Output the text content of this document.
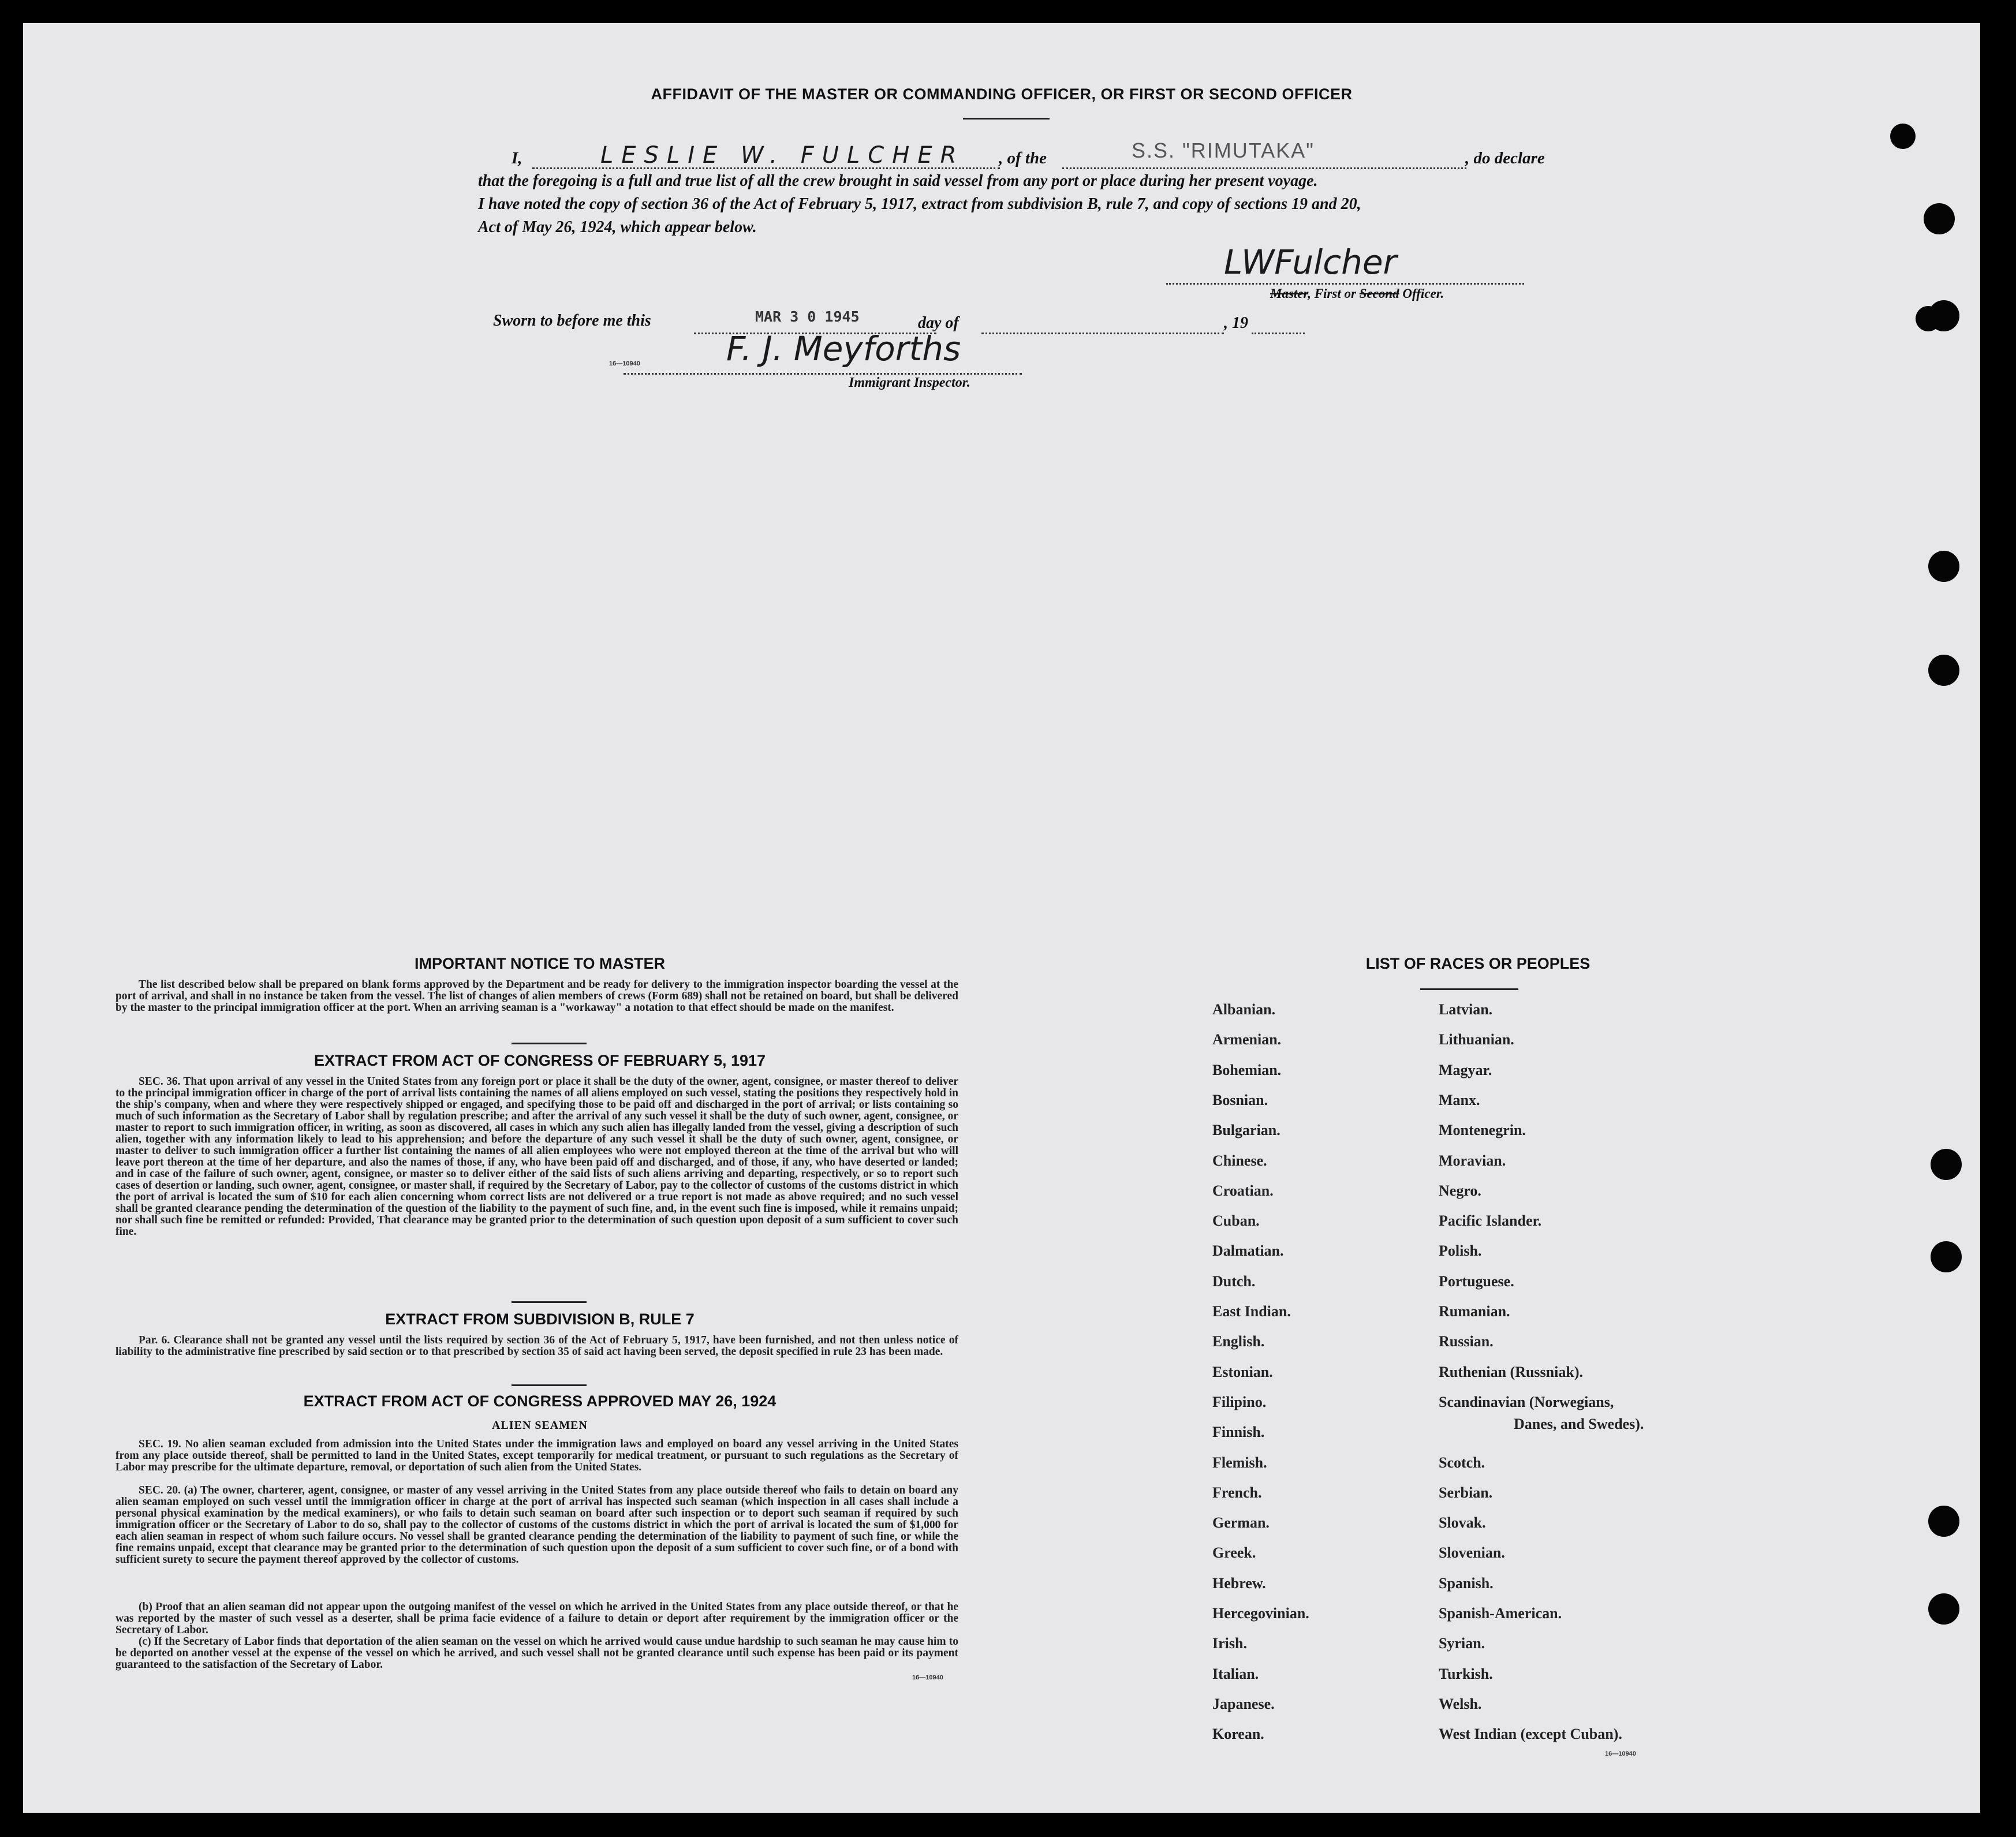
AFFIDAVIT OF THE MASTER OR COMMANDING OFFICER, OR FIRST OR SECOND OFFICER
I,	LESLIE W. FULCHER , of the	S.S. "RIMUTAKA"	, do declare
that the foregoing is a full and true list of all the crew brought in said vessel from any port or place during her present voyage.
I have noted the copy of section 36 of the Act of February 5, 1917, extract from subdivision B, rule 7, and copy of sections 19 and 20,
Act of May 26, 1924, which appear below.
LWFulcher
Master, First or Second Officer.
Sworn to before me this	MAR 3 0 1945	day of	, 19
16—10940	F. J. Meyforths
Immigrant Inspector.
IMPORTANT NOTICE TO MASTER
The list described below shall be prepared on blank forms approved by the Department and be ready for delivery to the immigration inspector boarding the vessel at the port of arrival, and shall in no instance be taken from the vessel. The list of changes of alien members of crews (Form 689) shall not be retained on board, but shall be delivered by the master to the principal immigration officer at the port. When an arriving seaman is a "workaway" a notation to that effect should be made on the manifest.
EXTRACT FROM ACT OF CONGRESS OF FEBRUARY 5, 1917
SEC. 36. That upon arrival of any vessel in the United States from any foreign port or place it shall be the duty of the owner, agent, consignee, or master thereof to deliver to the principal immigration officer in charge of the port of arrival lists containing the names of all aliens employed on such vessel, stating the positions they respectively hold in the ship's company, when and where they were respectively shipped or engaged, and specifying those to be paid off and discharged in the port of arrival; or lists containing so much of such information as the Secretary of Labor shall by regulation prescribe; and after the arrival of any such vessel it shall be the duty of such owner, agent, consignee, or master to report to such immigration officer, in writing, as soon as discovered, all cases in which any such alien has illegally landed from the vessel, giving a description of such alien, together with any information likely to lead to his apprehension; and before the departure of any such vessel it shall be the duty of such owner, agent, consignee, or master to deliver to such immigration officer a further list containing the names of all alien employees who were not employed thereon at the time of the arrival but who will leave port thereon at the time of her departure, and also the names of those, if any, who have been paid off and discharged, and of those, if any, who have deserted or landed; and in case of the failure of such owner, agent, consignee, or master so to deliver either of the said lists of such aliens arriving and departing, respectively, or so to report such cases of desertion or landing, such owner, agent, consignee, or master shall, if required by the Secretary of Labor, pay to the collector of customs of the customs district in which the port of arrival is located the sum of $10 for each alien concerning whom correct lists are not delivered or a true report is not made as above required; and no such vessel shall be granted clearance pending the determination of the question of the liability to the payment of such fine, and, in the event such fine is imposed, while it remains unpaid; nor shall such fine be remitted or refunded: Provided, That clearance may be granted prior to the determination of such question upon deposit of a sum sufficient to cover such fine.
EXTRACT FROM SUBDIVISION B, RULE 7
Par. 6. Clearance shall not be granted any vessel until the lists required by section 36 of the Act of February 5, 1917, have been furnished, and not then unless notice of liability to the administrative fine prescribed by said section or to that prescribed by section 35 of said act having been served, the deposit specified in rule 23 has been made.
EXTRACT FROM ACT OF CONGRESS APPROVED MAY 26, 1924
ALIEN SEAMEN
SEC. 19. No alien seaman excluded from admission into the United States under the immigration laws and employed on board any vessel arriving in the United States from any place outside thereof, shall be permitted to land in the United States, except temporarily for medical treatment, or pursuant to such regulations as the Secretary of Labor may prescribe for the ultimate departure, removal, or deportation of such alien from the United States.
SEC. 20. (a) The owner, charterer, agent, consignee, or master of any vessel arriving in the United States from any place outside thereof who fails to detain on board any alien seaman employed on such vessel until the immigration officer in charge at the port of arrival has inspected such seaman (which inspection in all cases shall include a personal physical examination by the medical examiners), or who fails to detain such seaman on board after such inspection or to deport such seaman if required by such immigration officer or the Secretary of Labor to do so, shall pay to the collector of customs of the customs district in which the port of arrival is located the sum of $1,000 for each alien seaman in respect of whom such failure occurs. No vessel shall be granted clearance pending the determination of the liability to payment of such fine, or while the fine remains unpaid, except that clearance may be granted prior to the determination of such question upon the deposit of a sum sufficient to cover such fine, or of a bond with sufficient surety to secure the payment thereof approved by the collector of customs.
(b) Proof that an alien seaman did not appear upon the outgoing manifest of the vessel on which he arrived in the United States from any place outside thereof, or that he was reported by the master of such vessel as a deserter, shall be prima facie evidence of a failure to detain or deport after requirement by the immigration officer or the Secretary of Labor.
(c) If the Secretary of Labor finds that deportation of the alien seaman on the vessel on which he arrived would cause undue hardship to such seaman he may cause him to be deported on another vessel at the expense of the vessel on which he arrived, and such vessel shall not be granted clearance until such expense has been paid or its payment guaranteed to the satisfaction of the Secretary of Labor.
16—10940
LIST OF RACES OR PEOPLES
Danes, and Swedes).
16—10940
Albanian.
Armenian.
Bohemian.
Bosnian.
Bulgarian.
Chinese.
Croatian.
Cuban.
Dalmatian.
Dutch.
East Indian.
English.
Estonian.
Filipino.
Finnish.
Flemish.
French.
German.
Greek.
Hebrew.
Hercegovinian.
Irish.
Italian.
Japanese.
Korean.
Latvian.
Lithuanian.
Magyar.
Manx.
Montenegrin.
Moravian.
Negro.
Pacific Islander.
Polish.
Portuguese.
Rumanian.
Russian.
Ruthenian (Russniak).
Scandinavian (Norwegians,
Scotch.
Serbian.
Slovak.
Slovenian.
Spanish.
Spanish-American.
Syrian.
Turkish.
Welsh.
West Indian (except Cuban).
